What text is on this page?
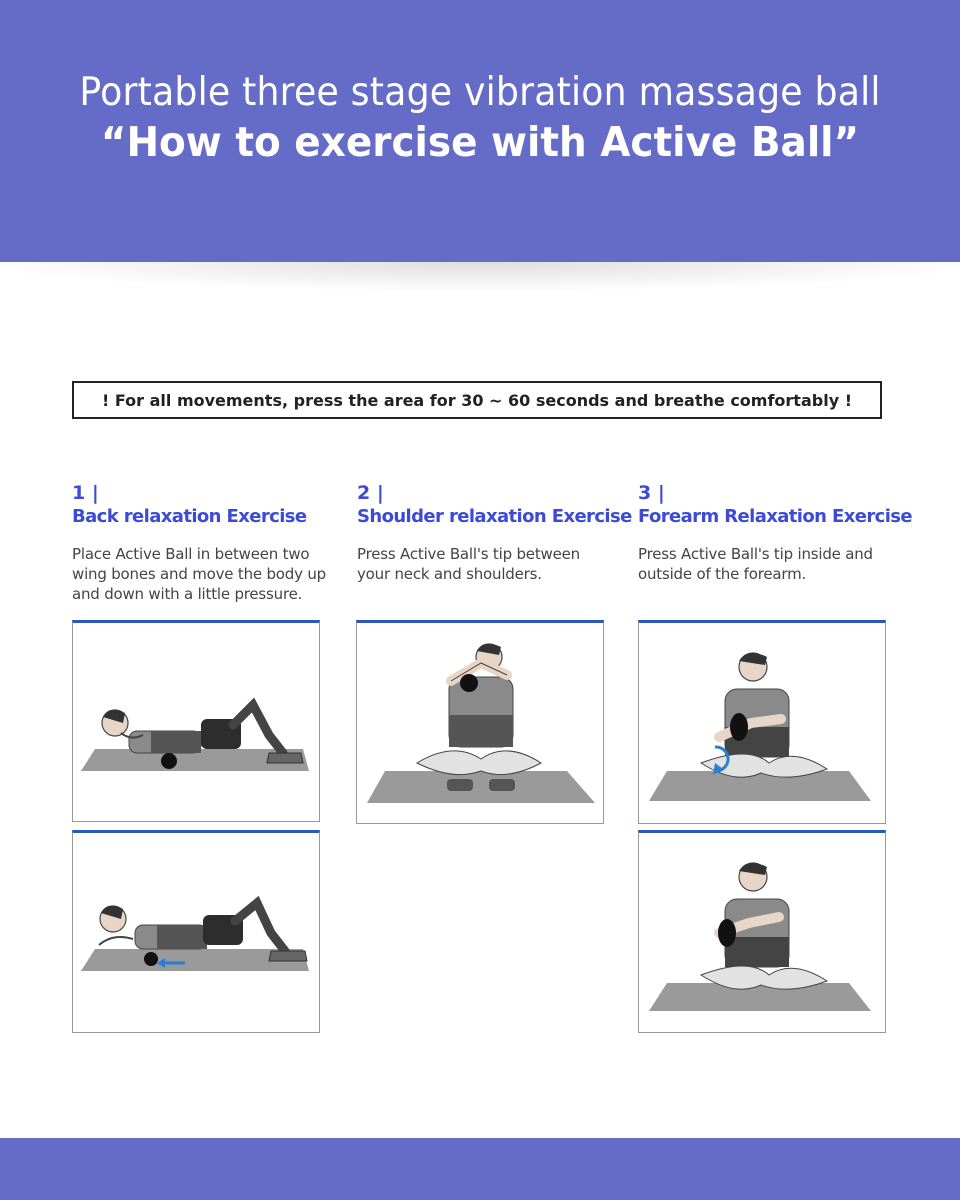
Portable three stage vibration massage ball
“How to exercise with Active Ball”
! For all movements, press the area for 30 ~ 60 seconds and breathe comfortably !
1 |
Back relaxation Exercise
Place Active Ball in between two wing bones and move the body up and down with a little pressure.
2 |
Shoulder relaxation Exercise
Press Active Ball's tip between your neck and shoulders.
3 |
Forearm Relaxation Exercise
Press Active Ball's tip inside and outside of the forearm.
